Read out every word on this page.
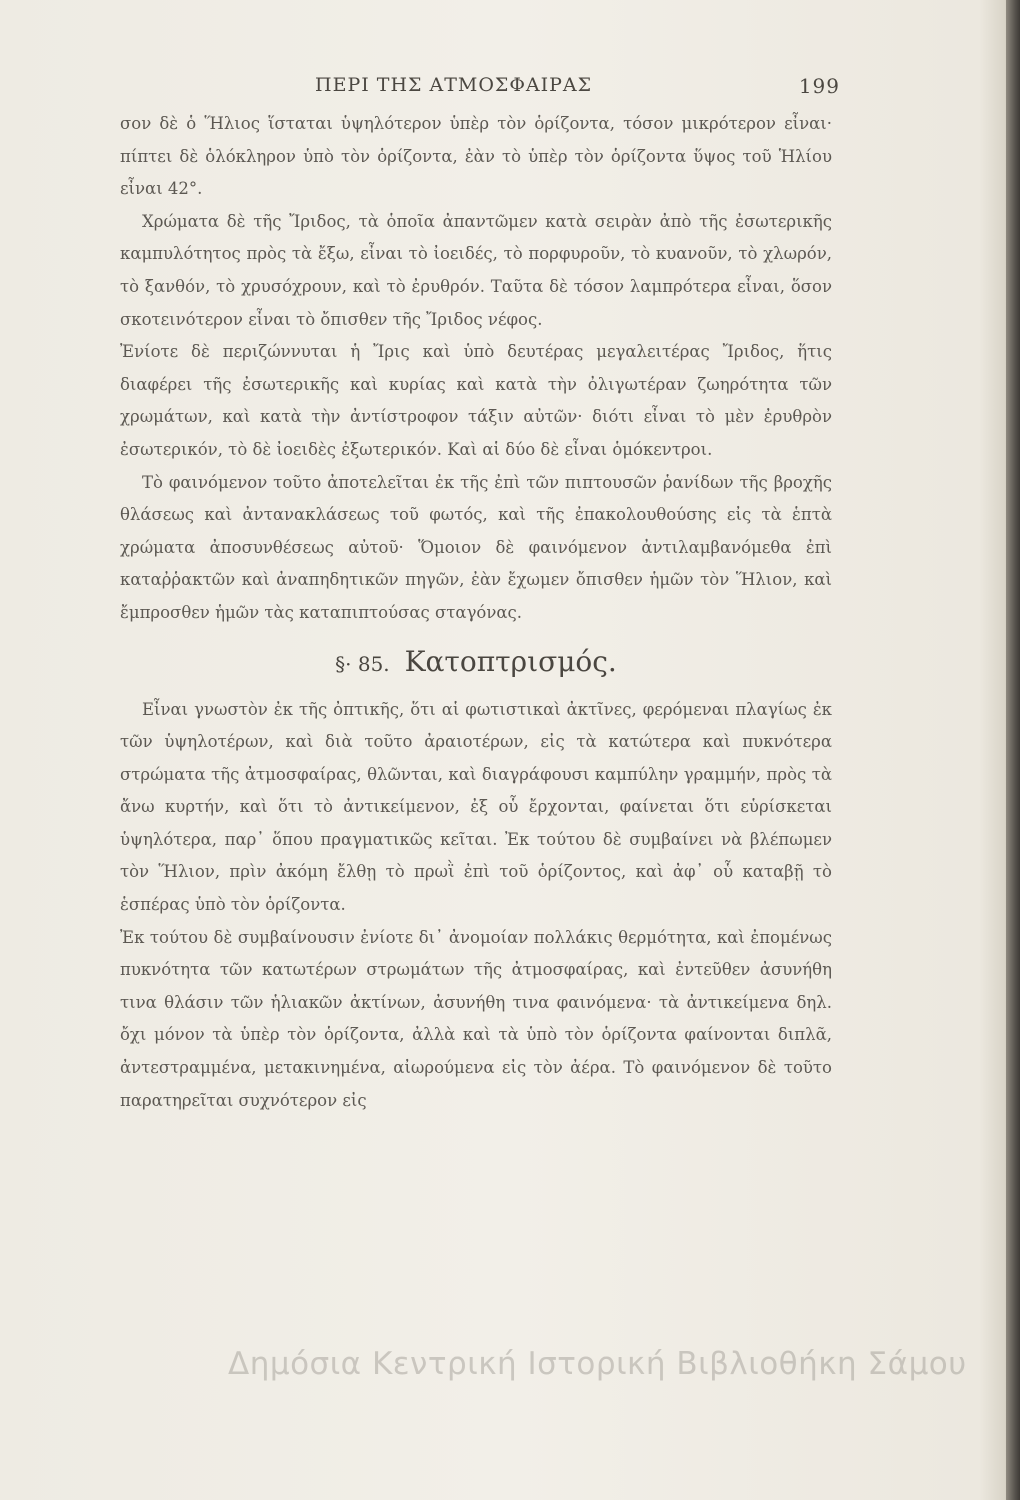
ΠΕΡΙ ΤΗΣ ΑΤΜΟΣΦΑΙΡΑΣ	199

σον δὲ ὁ Ἥλιος ἵσταται ὑψηλότερον ὑπὲρ τὸν ὁρίζοντα, τόσον μικρότερον εἶναι· πίπτει δὲ ὁλόκληρον ὑπὸ τὸν ὁρίζοντα, ἐὰν τὸ ὑπὲρ τὸν ὁρίζοντα ὕψος τοῦ Ἡλίου εἶναι 42°.

Χρώματα δὲ τῆς Ἴριδος, τὰ ὁποῖα ἀπαντῶμεν κατὰ σειρὰν ἀπὸ τῆς ἐσωτερικῆς καμπυλότητος πρὸς τὰ ἔξω, εἶναι τὸ ἰοειδές, τὸ πορφυροῦν, τὸ κυανοῦν, τὸ χλωρόν, τὸ ξανθόν, τὸ χρυσόχρουν, καὶ τὸ ἐρυθρόν. Ταῦτα δὲ τόσον λαμπρότερα εἶναι, ὅσον σκοτεινότερον εἶναι τὸ ὄπισθεν τῆς Ἴριδος νέφος.

Ἐνίοτε δὲ περιζώννυται ἡ Ἴρις καὶ ὑπὸ δευτέρας μεγαλειτέρας Ἴριδος, ἥτις διαφέρει τῆς ἐσωτερικῆς καὶ κυρίας καὶ κατὰ τὴν ὀλιγωτέραν ζωηρότητα τῶν χρωμάτων, καὶ κατὰ τὴν ἀντίστροφον τάξιν αὐτῶν· διότι εἶναι τὸ μὲν ἐρυθρὸν ἐσωτερικόν, τὸ δὲ ἰοειδὲς ἐξωτερικόν. Καὶ αἱ δύο δὲ εἶναι ὁμόκεντροι.

Τὸ φαινόμενον τοῦτο ἀποτελεῖται ἐκ τῆς ἐπὶ τῶν πιπτουσῶν ῥανίδων τῆς βροχῆς θλάσεως καὶ ἀντανακλάσεως τοῦ φωτός, καὶ τῆς ἐπακολουθούσης εἰς τὰ ἑπτὰ χρώματα ἀποσυνθέσεως αὐτοῦ· Ὅμοιον δὲ φαινόμενον ἀντιλαμβανόμεθα ἐπὶ καταῤῥακτῶν καὶ ἀναπηδητικῶν πηγῶν, ἐὰν ἔχωμεν ὄπισθεν ἡμῶν τὸν Ἥλιον, καὶ ἔμπροσθεν ἡμῶν τὰς καταπιπτούσας σταγόνας.

§· 85. Κατοπτρισμός.

Εἶναι γνωστὸν ἐκ τῆς ὀπτικῆς, ὅτι αἱ φωτιστικαὶ ἀκτῖνες, φερόμεναι πλαγίως ἐκ τῶν ὑψηλοτέρων, καὶ διὰ τοῦτο ἀραιοτέρων, εἰς τὰ κατώτερα καὶ πυκνότερα στρώματα τῆς ἀτμοσφαίρας, θλῶνται, καὶ διαγράφουσι καμπύλην γραμμήν, πρὸς τὰ ἄνω κυρτήν, καὶ ὅτι τὸ ἀντικείμενον, ἐξ οὗ ἔρχονται, φαίνεται ὅτι εὑρίσκεται ὑψηλότερα, παρ᾽ ὅπου πραγματικῶς κεῖται. Ἐκ τούτου δὲ συμβαίνει νὰ βλέπωμεν τὸν Ἥλιον, πρὶν ἀκόμη ἔλθῃ τὸ πρωῒ ἐπὶ τοῦ ὁρίζοντος, καὶ ἀφ᾽ οὗ καταβῇ τὸ ἑσπέρας ὑπὸ τὸν ὁρίζοντα.

Ἐκ τούτου δὲ συμβαίνουσιν ἐνίοτε δι᾽ ἀνομοίαν πολλάκις θερμότητα, καὶ ἐπομένως πυκνότητα τῶν κατωτέρων στρωμάτων τῆς ἀτμοσφαίρας, καὶ ἐντεῦθεν ἀσυνήθη τινα θλάσιν τῶν ἡλιακῶν ἀκτίνων, ἀσυνήθη τινα φαινόμενα· τὰ ἀντικείμενα δηλ. ὄχι μόνον τὰ ὑπὲρ τὸν ὁρίζοντα, ἀλλὰ καὶ τὰ ὑπὸ τὸν ὁρίζοντα φαίνονται διπλᾶ, ἀντεστραμμένα, μετακινημένα, αἰωρούμενα εἰς τὸν ἀέρα. Τὸ φαινόμενον δὲ τοῦτο παρατηρεῖται συχνότερον εἰς

Δημόσια Κεντρική Ιστορική Βιβλιοθήκη Σάμου
